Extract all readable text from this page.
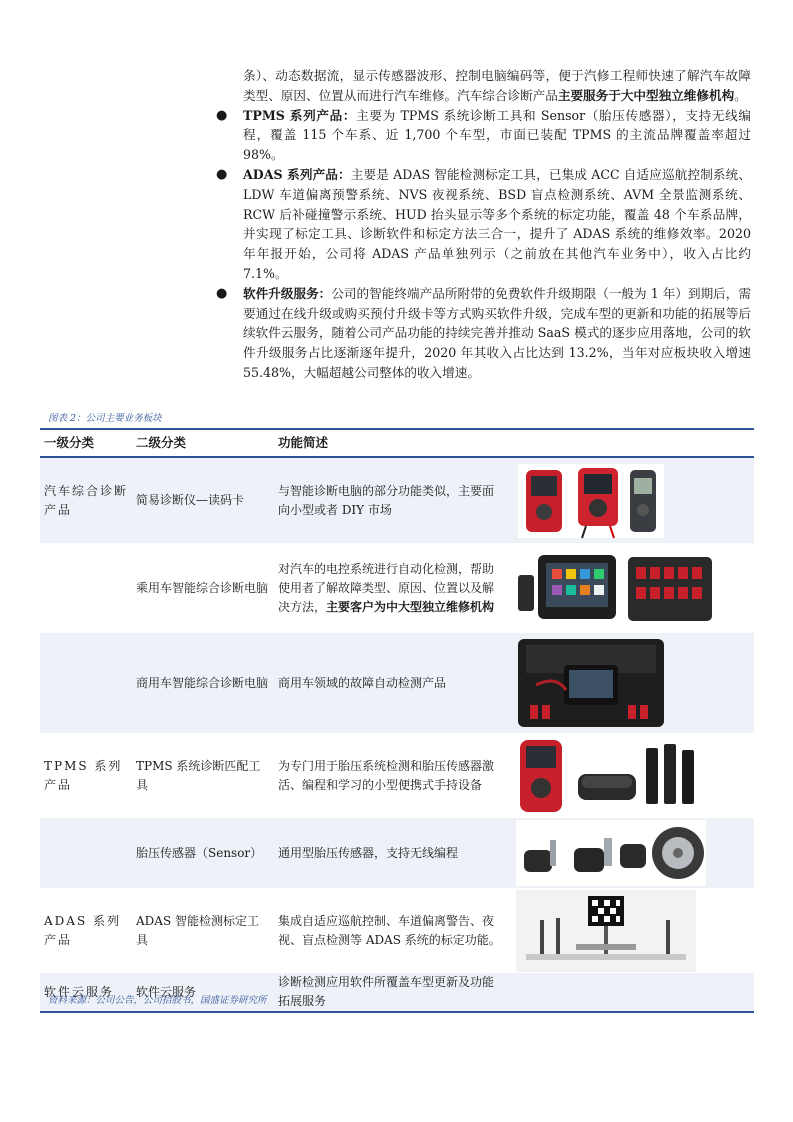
条）、动态数据流，显示传感器波形、控制电脑编码等，便于汽修工程师快速了解汽车故障类型、原因、位置从而进行汽车维修。汽车综合诊断产品主要服务于大中型独立维修机构。

● TPMS 系列产品：主要为 TPMS 系统诊断工具和 Sensor（胎压传感器），支持无线编程，覆盖 115 个车系、近 1,700 个车型，市面已装配 TPMS 的主流品牌覆盖率超过 98%。

● ADAS 系列产品：主要是 ADAS 智能检测标定工具，已集成 ACC 自适应巡航控制系统、LDW 车道偏离预警系统、NVS 夜视系统、BSD 盲点检测系统、AVM 全景监测系统、RCW 后补碰撞警示系统、HUD 抬头显示等多个系统的标定功能，覆盖 48 个车系品牌，并实现了标定工具、诊断软件和标定方法三合一，提升了 ADAS 系统的维修效率。2020 年年报开始，公司将 ADAS 产品单独列示（之前放在其他汽车业务中），收入占比约 7.1%。

● 软件升级服务：公司的智能终端产品所附带的免费软件升级期限（一般为 1 年）到期后，需要通过在线升级或购买预付升级卡等方式购买软件升级，完成车型的更新和功能的拓展等后续软件云服务，随着公司产品功能的持续完善并推动 SaaS 模式的逐步应用落地，公司的软件升级服务占比逐渐逐年提升，2020 年其收入占比达到 13.2%，当年对应板块收入增速 55.48%，大幅超越公司整体的收入增速。

图表 2：公司主要业务板块
一级分类	二级分类	功能简述	
汽车综合诊断产品	简易诊断仪—读码卡	与智能诊断电脑的部分功能类似，主要面向小型或者 DIY 市场	

	乘用车智能综合诊断电脑	对汽车的电控系统进行自动化检测，帮助使用者了解故障类型、原因、位置以及解决方法，主要客户为中大型独立维修机构	

	商用车智能综合诊断电脑	商用车领域的故障自动检测产品	

TPMS 系列产品	TPMS 系统诊断匹配工具	为专门用于胎压系统检测和胎压传感器激活、编程和学习的小型便携式手持设备	

	胎压传感器（Sensor）	通用型胎压传感器，支持无线编程	

ADAS 系列产品	ADAS 智能检测标定工具	集成自适应巡航控制、车道偏离警告、夜视、盲点检测等 ADAS 系统的标定功能。	

软件云服务	软件云服务	诊断检测应用软件所覆盖车型更新及功能拓展服务	
资料来源：公司公告，公司招股书，国盛证券研究所
